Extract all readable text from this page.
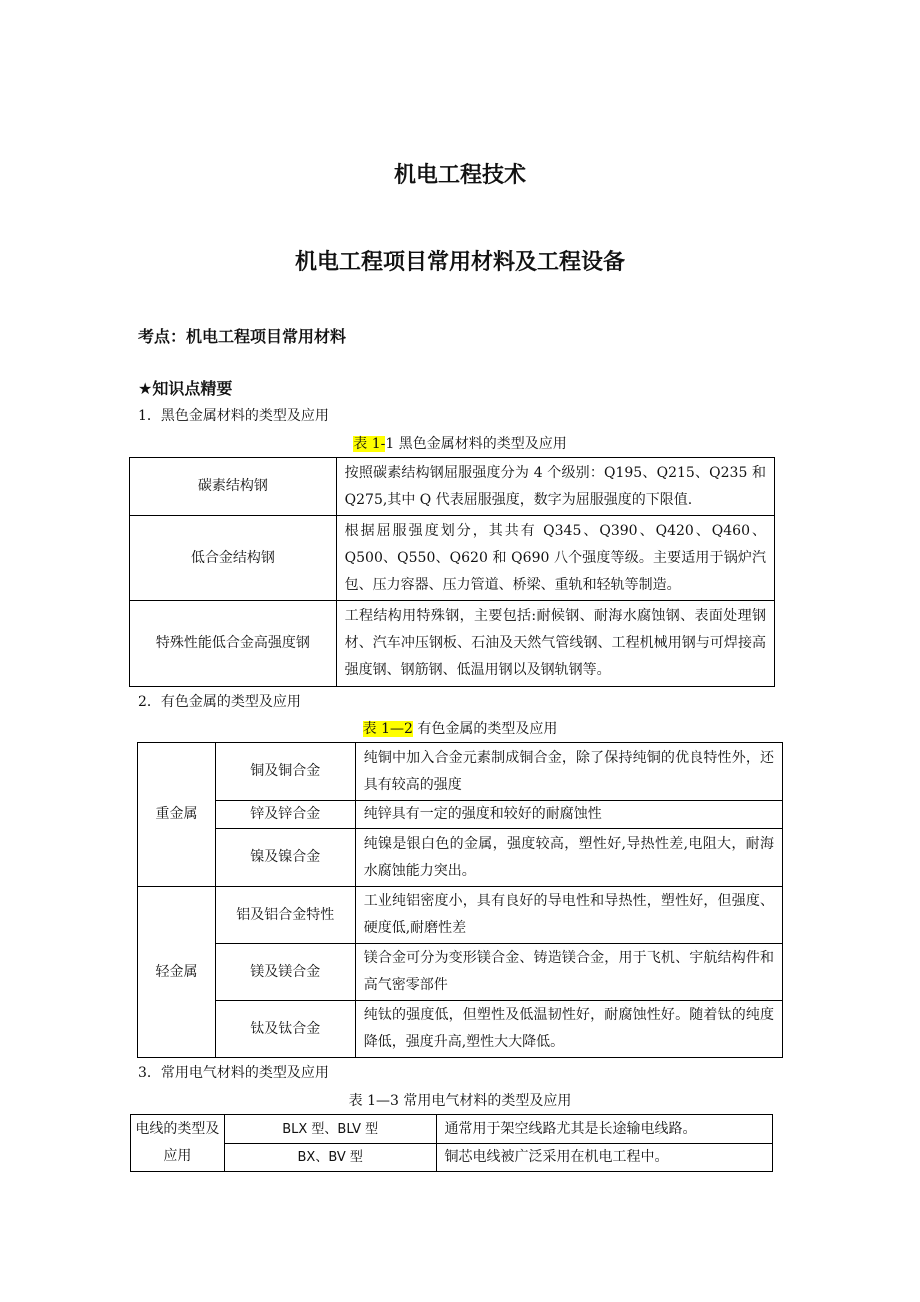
机电工程技术
机电工程项目常用材料及工程设备
考点：机电工程项目常用材料
★知识点精要
1．黑色金属材料的类型及应用
表 1-1 黑色金属材料的类型及应用
碳素结构钢	按照碳素结构钢屈服强度分为 4 个级别：Q195、Q215、Q235 和 Q275,其中 Q 代表屈服强度，数字为屈服强度的下限值.
低合金结构钢	根据屈服强度划分，其共有 Q345、Q390、Q420、Q460、Q500、Q550、Q620 和 Q690 八个强度等级。主要适用于锅炉汽包、压力容器、压力管道、桥梁、重轨和轻轨等制造。
特殊性能低合金高强度钢	工程结构用特殊钢，主要包括:耐候钢、耐海水腐蚀钢、表面处理钢材、汽车冲压钢板、石油及天然气管线钢、工程机械用钢与可焊接高强度钢、钢筋钢、低温用钢以及钢轨钢等。
2．有色金属的类型及应用
表 1—2 有色金属的类型及应用
重金属	铜及铜合金	纯铜中加入合金元素制成铜合金，除了保持纯铜的优良特性外，还具有较高的强度
	锌及锌合金	纯锌具有一定的强度和较好的耐腐蚀性
	镍及镍合金	纯镍是银白色的金属，强度较高，塑性好,导热性差,电阻大，耐海水腐蚀能力突出。
轻金属	铝及铝合金特性	工业纯铝密度小，具有良好的导电性和导热性，塑性好，但强度、硬度低,耐磨性差
	镁及镁合金	镁合金可分为变形镁合金、铸造镁合金，用于飞机、宇航结构件和高气密零部件
	钛及钛合金	纯钛的强度低，但塑性及低温韧性好，耐腐蚀性好。随着钛的纯度降低，强度升高,塑性大大降低。
3．常用电气材料的类型及应用
表 1—3 常用电气材料的类型及应用
电线的类型及应用	BLX 型、BLV 型	通常用于架空线路尤其是长途输电线路。
	BX、BV 型	铜芯电线被广泛采用在机电工程中。
